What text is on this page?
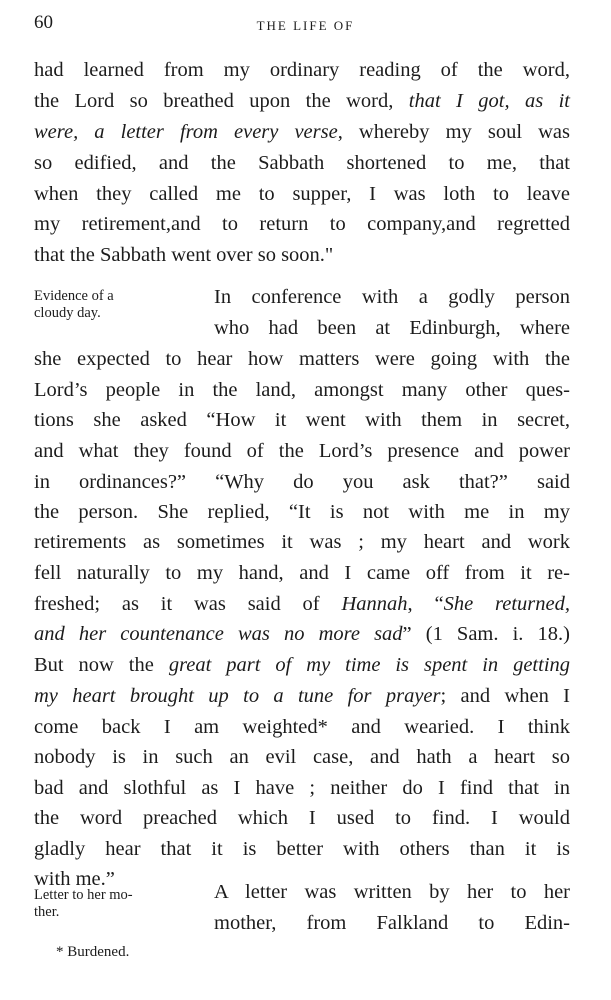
60	THE LIFE OF
had learned from my ordinary reading of the word,
the Lord so breathed upon the word, that I got, as it
were, a letter from every verse, whereby my soul was
so edified, and the Sabbath shortened to me, that
when they called me to supper, I was loth to leave
my retirement,and to return to company,and regretted
that the Sabbath went over so soon."
Evidence of a
cloudy day.
In conference with a godly person
who had been at Edinburgh, where
she expected to hear how matters were going with the
Lord’s people in the land, amongst many other ques-
tions she asked “How it went with them in secret,
and what they found of the Lord’s presence and power
in ordinances?” “Why do you ask that?” said
the person. She replied, “It is not with me in my
retirements as sometimes it was ; my heart and work
fell naturally to my hand, and I came off from it re-
freshed; as it was said of Hannah, “She returned,
and her countenance was no more sad” (1 Sam. i. 18.)
But now the great part of my time is spent in getting
my heart brought up to a tune for prayer; and when I
come back I am weighted* and wearied. I think
nobody is in such an evil case, and hath a heart so
bad and slothful as I have ; neither do I find that in
the word preached which I used to find. I would
gladly hear that it is better with others than it is
with me.”
Letter to her mo-
ther.
A letter was written by her to her
mother, from Falkland to Edin-
* Burdened.
